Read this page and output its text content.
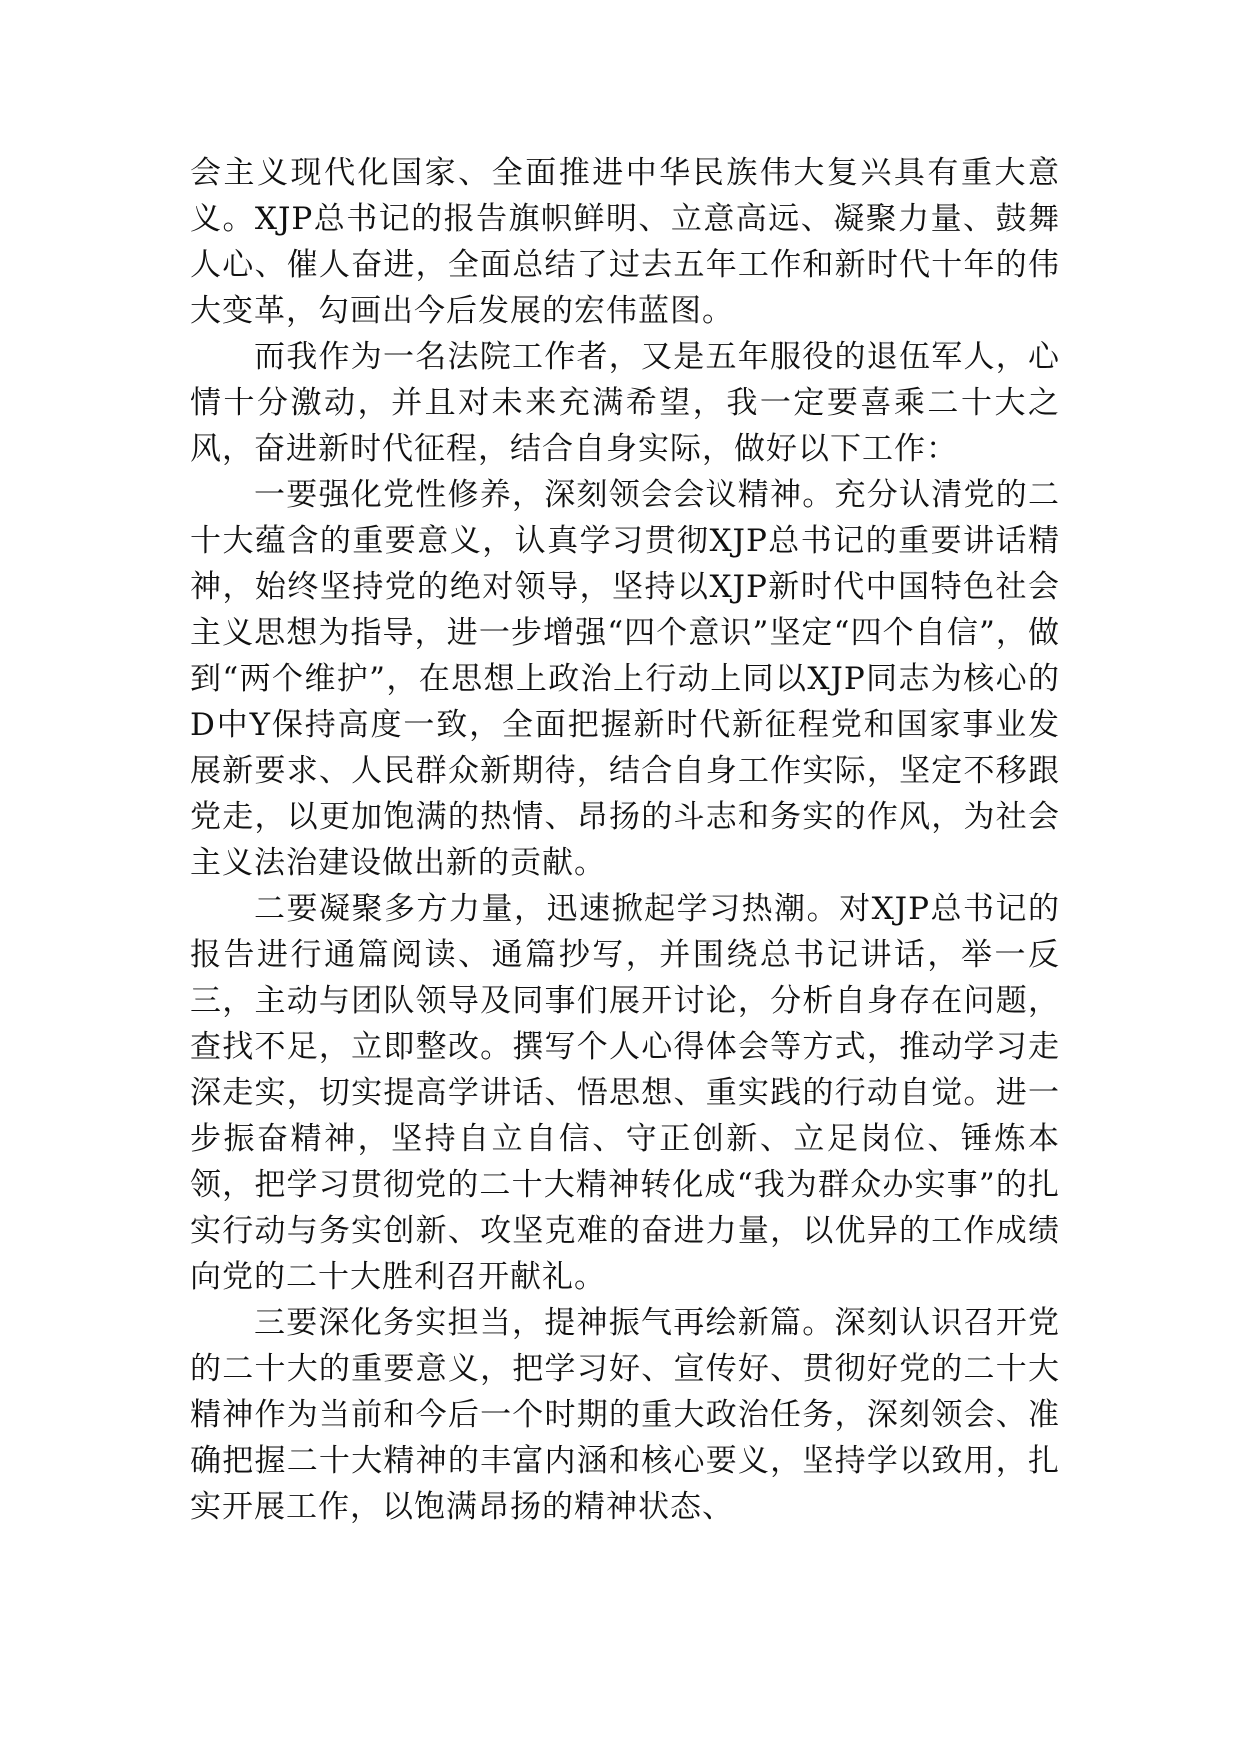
会主义现代化国家、全面推进中华民族伟大复兴具有重大意义。XJP总书记的报告旗帜鲜明、立意高远、凝聚力量、鼓舞人心、催人奋进，全面总结了过去五年工作和新时代十年的伟大变革，勾画出今后发展的宏伟蓝图。

而我作为一名法院工作者，又是五年服役的退伍军人，心情十分激动，并且对未来充满希望，我一定要喜乘二十大之风，奋进新时代征程，结合自身实际，做好以下工作：

一要强化党性修养，深刻领会会议精神。充分认清党的二十大蕴含的重要意义，认真学习贯彻XJP总书记的重要讲话精神，始终坚持党的绝对领导，坚持以XJP新时代中国特色社会主义思想为指导，进一步增强“四个意识”坚定“四个自信”，做到“两个维护”，在思想上政治上行动上同以XJP同志为核心的D中Y保持高度一致，全面把握新时代新征程党和国家事业发展新要求、人民群众新期待，结合自身工作实际，坚定不移跟党走，以更加饱满的热情、昂扬的斗志和务实的作风，为社会主义法治建设做出新的贡献。

二要凝聚多方力量，迅速掀起学习热潮。对XJP总书记的报告进行通篇阅读、通篇抄写，并围绕总书记讲话，举一反三，主动与团队领导及同事们展开讨论，分析自身存在问题，查找不足，立即整改。撰写个人心得体会等方式，推动学习走深走实，切实提高学讲话、悟思想、重实践的行动自觉。进一步振奋精神，坚持自立自信、守正创新、立足岗位、锤炼本领，把学习贯彻党的二十大精神转化成“我为群众办实事”的扎实行动与务实创新、攻坚克难的奋进力量，以优异的工作成绩向党的二十大胜利召开献礼。

三要深化务实担当，提神振气再绘新篇。深刻认识召开党的二十大的重要意义，把学习好、宣传好、贯彻好党的二十大精神作为当前和今后一个时期的重大政治任务，深刻领会、准确把握二十大精神的丰富内涵和核心要义，坚持学以致用，扎实开展工作，以饱满昂扬的精神状态、
